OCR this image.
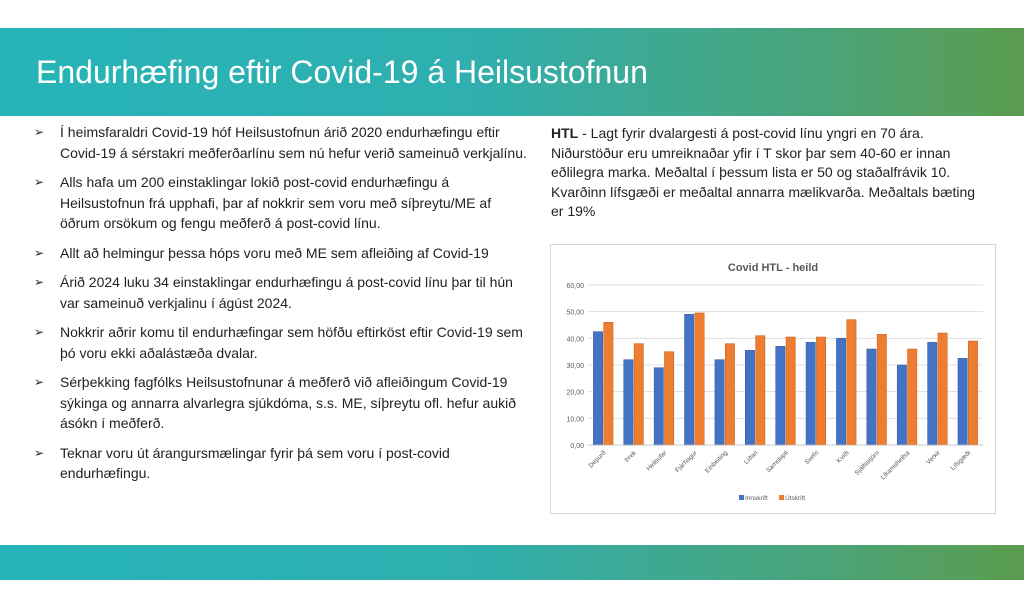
Endurhæfing eftir Covid-19 á Heilsustofnun
➢ Í heimsfaraldri Covid-19 hóf Heilsustofnun árið 2020 endurhæfingu eftir Covid-19 á sérstakri meðferðarlínu sem nú hefur verið sameinuð verkjalínu.
➢ Alls hafa um 200 einstaklingar lokið post-covid endurhæfingu á Heilsustofnun frá upphafi, þar af nokkrir sem voru með síþreytu/ME af öðrum orsökum og fengu meðferð á post-covid línu.
➢ Allt að helmingur þessa hóps voru með ME sem afleiðing af Covid-19
➢ Árið 2024 luku 34 einstaklingar endurhæfingu á post-covid línu þar til hún var sameinuð verkjalinu í ágúst 2024.
➢ Nokkrir aðrir komu til endurhæfingar sem höfðu eftirköst eftir Covid-19 sem þó voru ekki aðalástæða dvalar.
➢ Sérþekking fagfólks Heilsustofnunar á meðferð við afleiðingum Covid-19 sýkinga og annarra alvarlegra sjúkdóma, s.s. ME, síþreytu ofl. hefur aukið ásókn í meðferð.
➢ Teknar voru út árangursmælingar fyrir þá sem voru í post-covid endurhæfingu.
HTL - Lagt fyrir dvalargesti á post-covid línu yngri en 70 ára. Niðurstöður eru umreiknaðar yfir í T skor þar sem 40-60 er innan eðlilegra marka. Meðaltal í þessum lista er 50 og staðalfrávik 10. Kvarðinn lífsgæði er meðaltal annarra mælikvarða. Meðaltals bæting er 19%
Covid HTL - heild
0,00
10,00
20,00
30,00
40,00
50,00
60,00
Depurð Þrek Heilsufar Fjárhagur Einbeiting Líðan Samskipti Svefn Kvíði Sjálfsstjórn
Líkamsheilsa Verkir Lífsgæði
Innskrift	Útskrift
